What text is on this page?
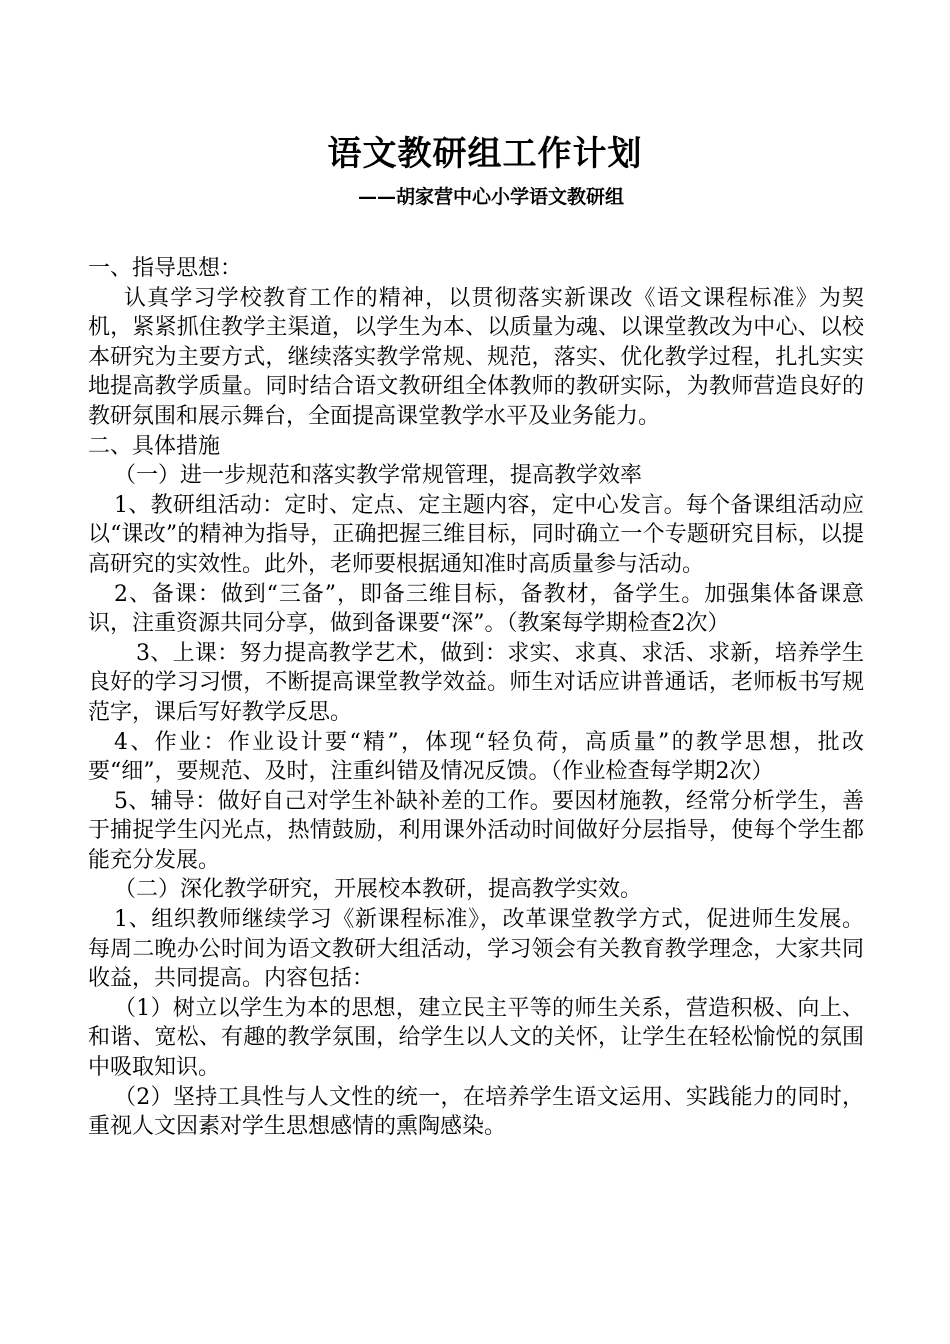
语文教研组工作计划
——胡家营中心小学语文教研组

一、指导思想：

认真学习学校教育工作的精神，以贯彻落实新课改《语文课程标准》为契机，紧紧抓住教学主渠道，以学生为本、以质量为魂、以课堂教改为中心、以校本研究为主要方式，继续落实教学常规、规范，落实、优化教学过程，扎扎实实地提高教学质量。同时结合语文教研组全体教师的教研实际，为教师营造良好的教研氛围和展示舞台，全面提高课堂教学水平及业务能力。

二、具体措施

（一）进一步规范和落实教学常规管理，提高教学效率

1、教研组活动：定时、定点、定主题内容，定中心发言。每个备课组活动应以“课改”的精神为指导，正确把握三维目标，同时确立一个专题研究目标，以提高研究的实效性。此外，老师要根据通知准时高质量参与活动。

2、备课：做到“三备”，即备三维目标，备教材，备学生。加强集体备课意识，注重资源共同分享，做到备课要“深”。（教案每学期检查2次）

3、上课：努力提高教学艺术，做到：求实、求真、求活、求新，培养学生良好的学习习惯，不断提高课堂教学效益。师生对话应讲普通话，老师板书写规范字，课后写好教学反思。

4、作业：作业设计要“精”，体现“轻负荷，高质量”的教学思想，批改要“细”，要规范、及时，注重纠错及情况反馈。（作业检查每学期2次）

5、辅导：做好自己对学生补缺补差的工作。要因材施教，经常分析学生，善于捕捉学生闪光点，热情鼓励，利用课外活动时间做好分层指导，使每个学生都能充分发展。

（二）深化教学研究，开展校本教研，提高教学实效。

1、组织教师继续学习《新课程标准》，改革课堂教学方式，促进师生发展。每周二晚办公时间为语文教研大组活动，学习领会有关教育教学理念，大家共同收益，共同提高。内容包括：

（1）树立以学生为本的思想，建立民主平等的师生关系，营造积极、向上、和谐、宽松、有趣的教学氛围，给学生以人文的关怀，让学生在轻松愉悦的氛围中吸取知识。

（2）坚持工具性与人文性的统一，在培养学生语文运用、实践能力的同时，重视人文因素对学生思想感情的熏陶感染。
